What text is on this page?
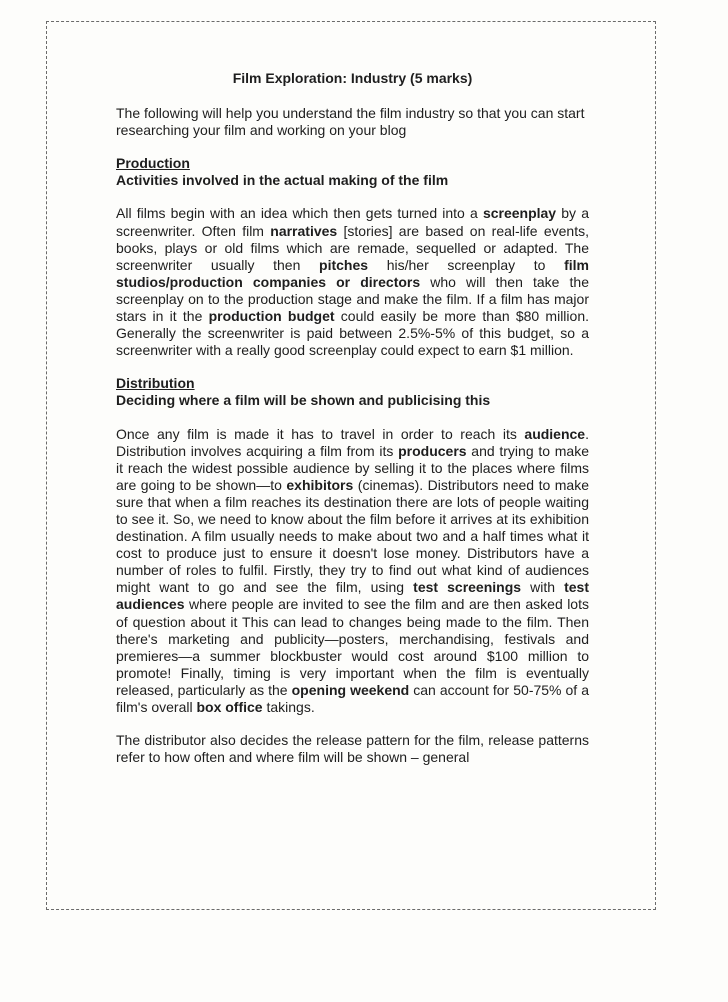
Film Exploration: Industry (5 marks)

The following will help you understand the film industry so that you can start researching your film and working on your blog

Production
Activities involved in the actual making of the film

All films begin with an idea which then gets turned into a screenplay by a screenwriter. Often film narratives [stories] are based on real-life events, books, plays or old films which are remade, sequelled or adapted. The screenwriter usually then pitches his/her screenplay to film studios/production companies or directors who will then take the screenplay on to the production stage and make the film. If a film has major stars in it the production budget could easily be more than $80 million. Generally the screenwriter is paid between 2.5%-5% of this budget, so a screenwriter with a really good screenplay could expect to earn $1 million.

Distribution
Deciding where a film will be shown and publicising this

Once any film is made it has to travel in order to reach its audience. Distribution involves acquiring a film from its producers and trying to make it reach the widest possible audience by selling it to the places where films are going to be shown—to exhibitors (cinemas). Distributors need to make sure that when a film reaches its destination there are lots of people waiting to see it. So, we need to know about the film before it arrives at its exhibition destination. A film usually needs to make about two and a half times what it cost to produce just to ensure it doesn't lose money. Distributors have a number of roles to fulfil. Firstly, they try to find out what kind of audiences might want to go and see the film, using test screenings with test audiences where people are invited to see the film and are then asked lots of question about it This can lead to changes being made to the film. Then there's marketing and publicity—posters, merchandising, festivals and premieres—a summer blockbuster would cost around $100 million to promote! Finally, timing is very important when the film is eventually released, particularly as the opening weekend can account for 50-75% of a film's overall box office takings.

The distributor also decides the release pattern for the film, release patterns refer to how often and where film will be shown – general
